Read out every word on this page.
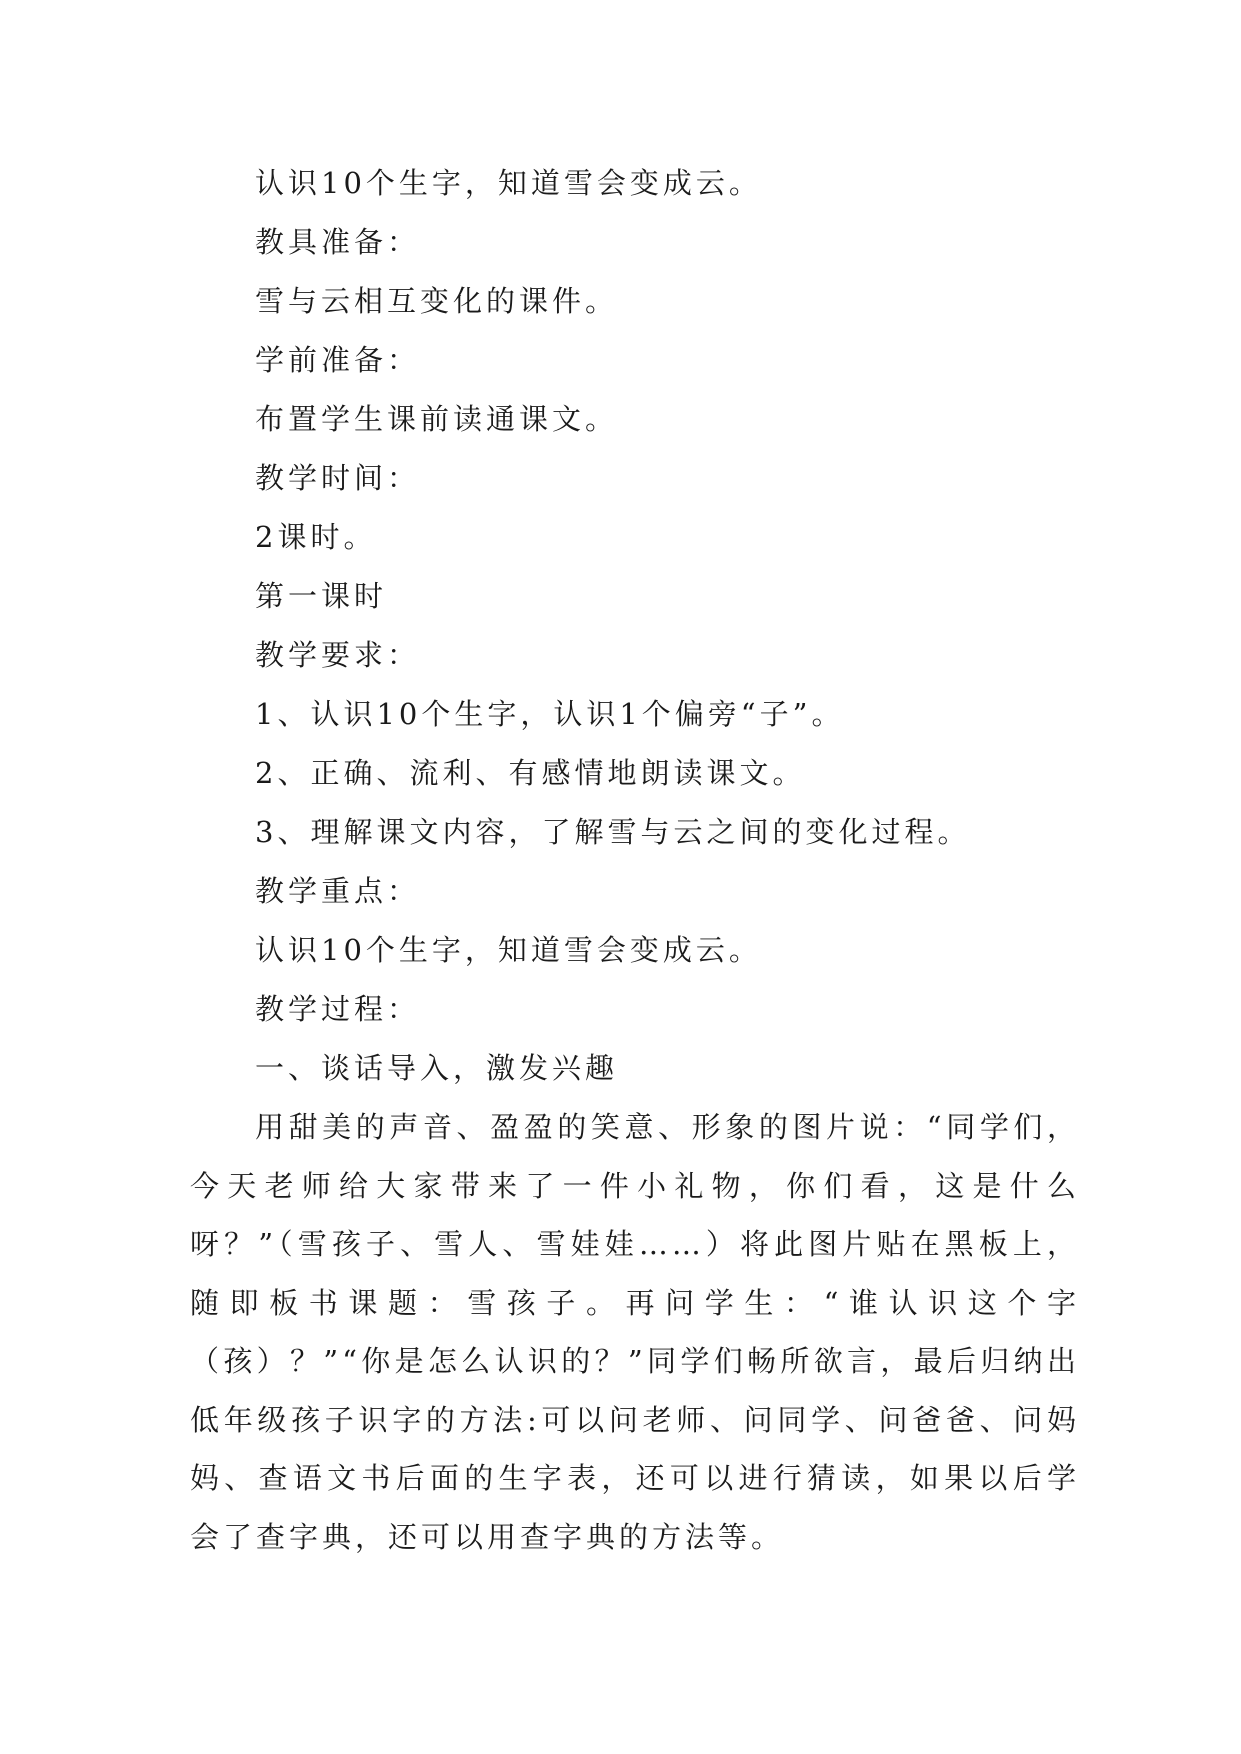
认识10个生字，知道雪会变成云。
教具准备：
雪与云相互变化的课件。
学前准备：
布置学生课前读通课文。
教学时间：
2课时。
第一课时
教学要求：
1、认识10个生字，认识1个偏旁“子”。
2、正确、流利、有感情地朗读课文。
3、理解课文内容，了解雪与云之间的变化过程。
教学重点：
认识10个生字，知道雪会变成云。
教学过程：
一、谈话导入，激发兴趣

用甜美的声音、盈盈的笑意、形象的图片说：“同学们，今天老师给大家带来了一件小礼物，你们看，这是什么呀？”（雪孩子、雪人、雪娃娃……）将此图片贴在黑板上，随即板书课题：雪孩子。再问学生：“谁认识这个字（孩）？”“你是怎么认识的？”同学们畅所欲言，最后归纳出低年级孩子识字的方法:可以问老师、问同学、问爸爸、问妈妈、查语文书后面的生字表，还可以进行猜读，如果以后学会了查字典，还可以用查字典的方法等。
